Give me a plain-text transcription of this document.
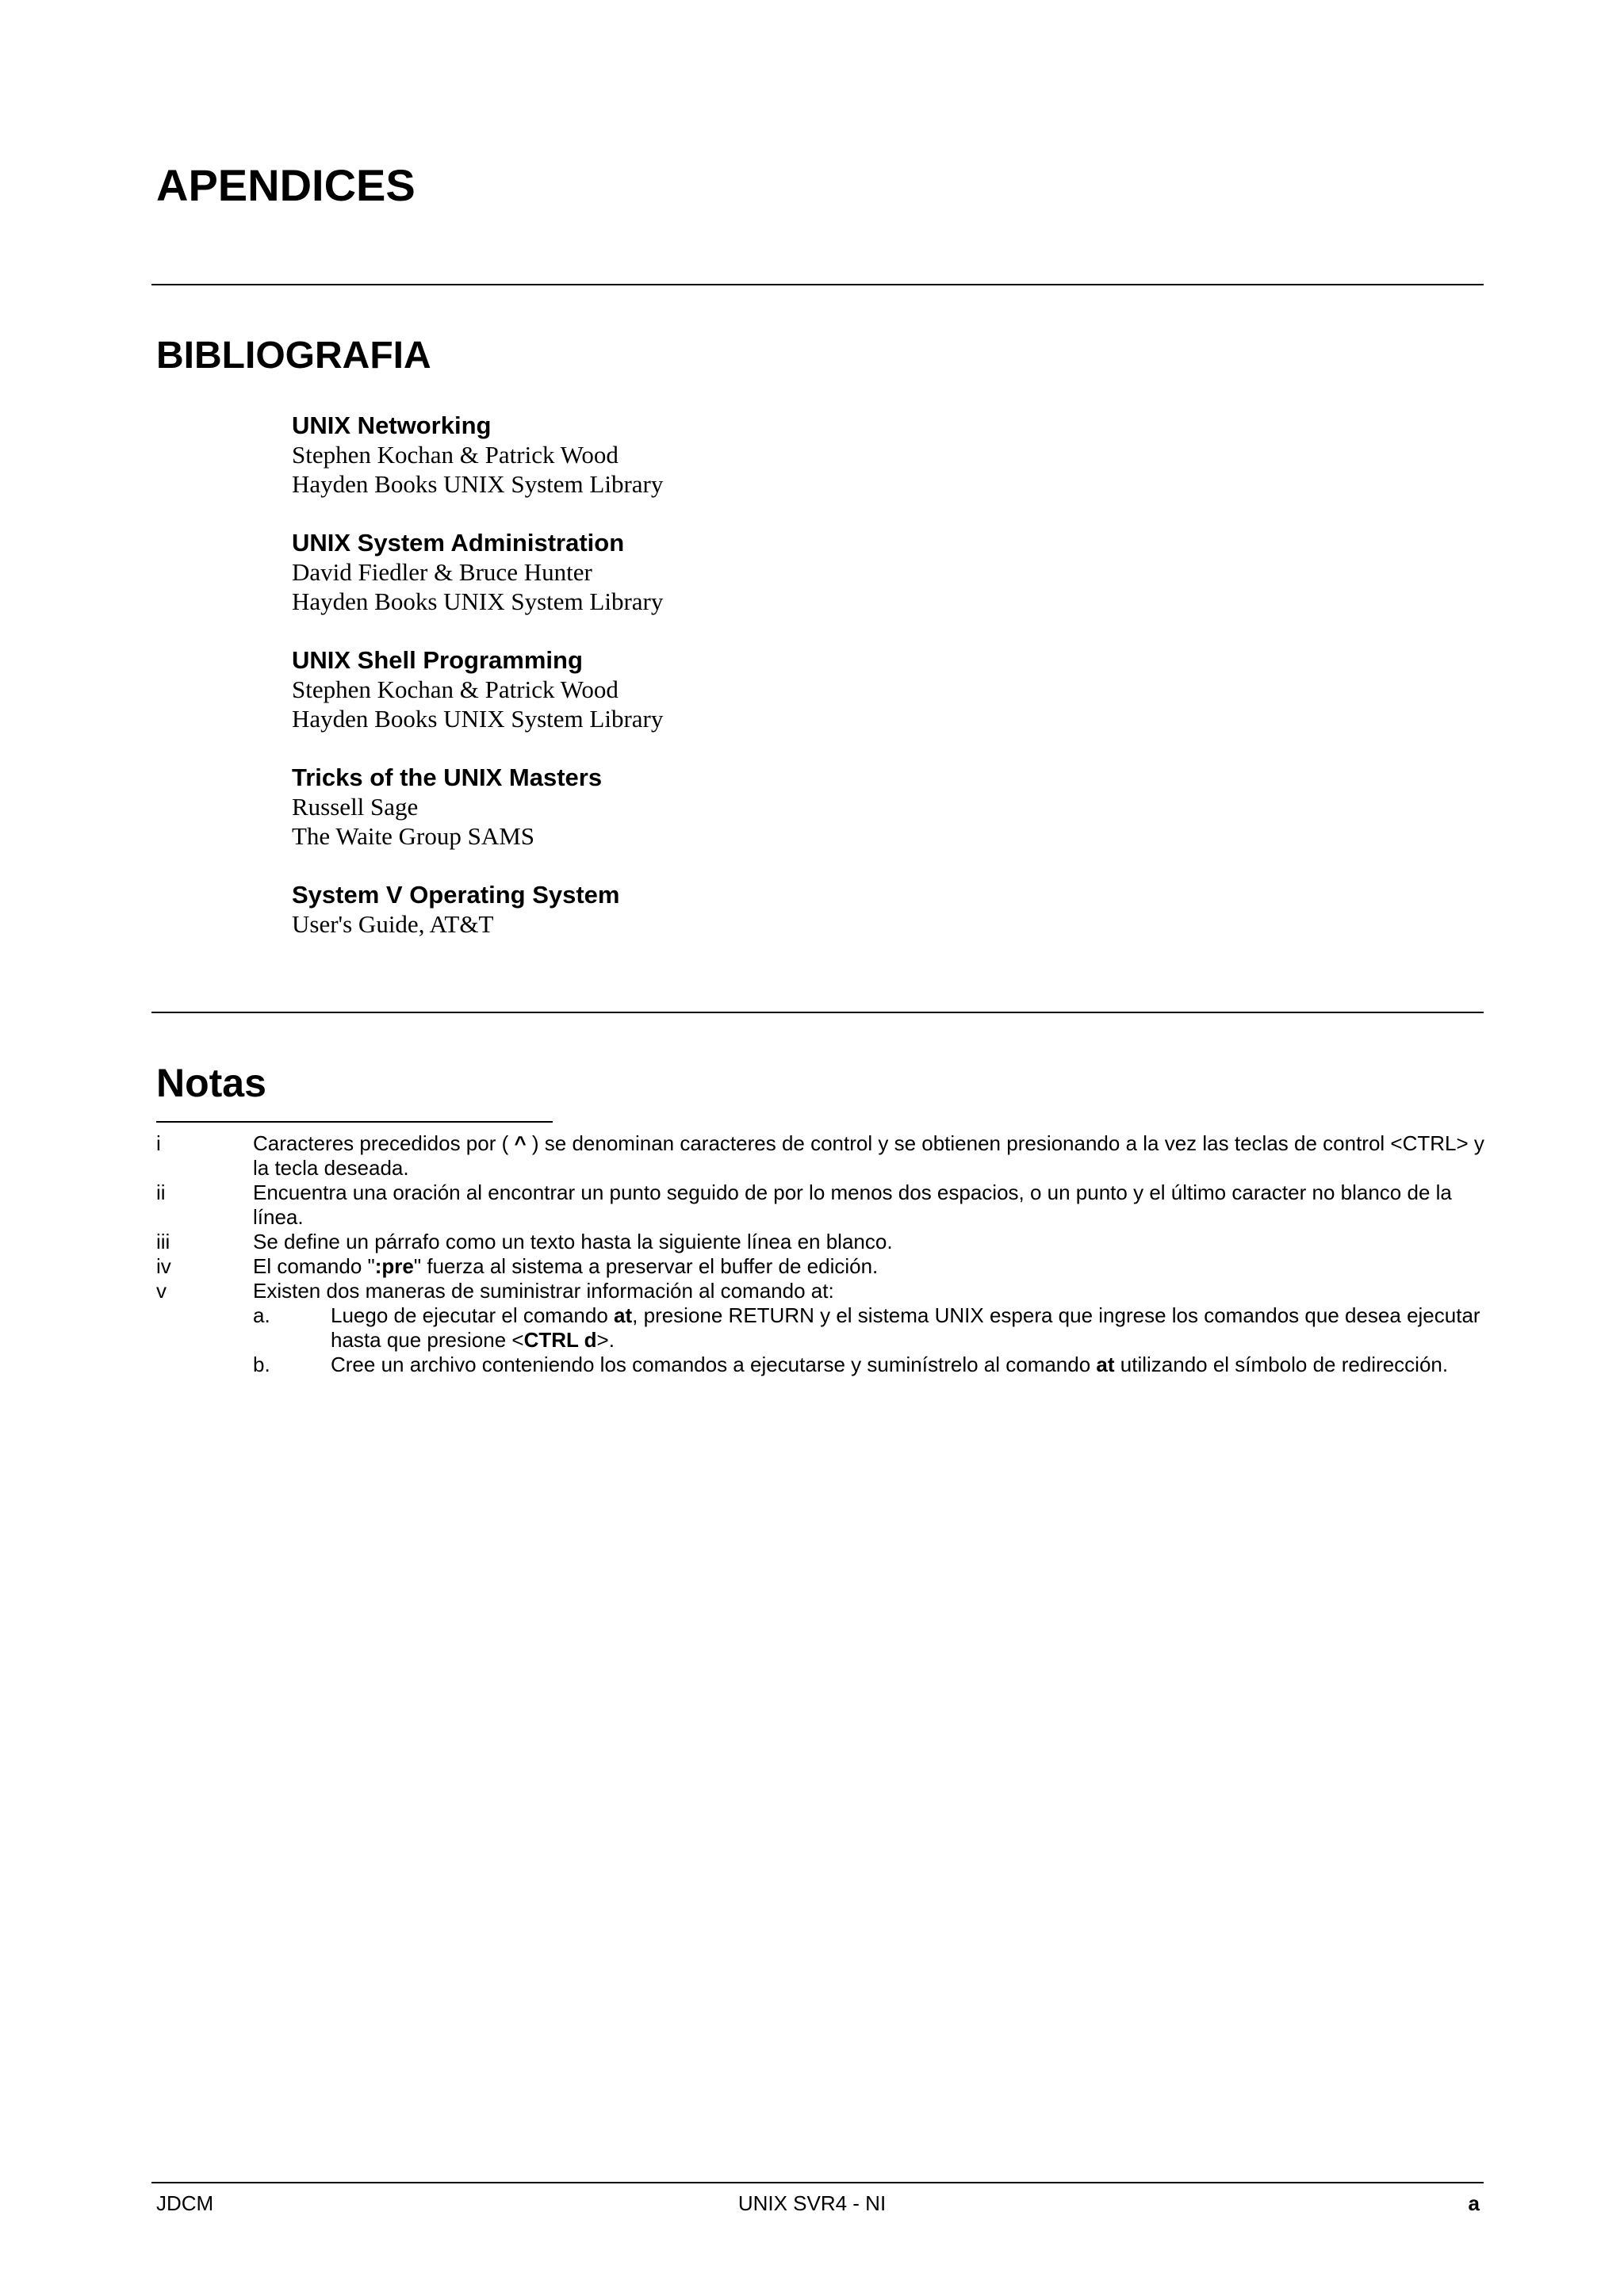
APENDICES
BIBLIOGRAFIA
UNIX Networking
Stephen Kochan & Patrick Wood
Hayden Books UNIX System Library
UNIX System Administration
David Fiedler & Bruce Hunter
Hayden Books UNIX System Library
UNIX Shell Programming
Stephen Kochan & Patrick Wood
Hayden Books UNIX System Library
Tricks of the UNIX Masters
Russell Sage
The Waite Group SAMS
System V Operating System
User's Guide, AT&T
Notas
i	Caracteres precedidos por ( ^ ) se denominan caracteres de control y se obtienen presionando a la vez las teclas de control <CTRL> y la tecla deseada.
ii	Encuentra una oración al encontrar un punto seguido de por lo menos dos espacios, o un punto y el último caracter no blanco de la línea.
iii	Se define un párrafo como un texto hasta la siguiente línea en blanco.
iv	El comando ":pre" fuerza al sistema a preservar el buffer de edición.
v	Existen dos maneras de suministrar información al comando at:
a.	Luego de ejecutar el comando at, presione RETURN y el sistema UNIX espera que ingrese los comandos que desea ejecutar hasta que presione <CTRL d>.
b.	Cree un archivo conteniendo los comandos a ejecutarse y suminístrelo al comando at utilizando el símbolo de redirección.
JDCM	UNIX SVR4 - NI	a
